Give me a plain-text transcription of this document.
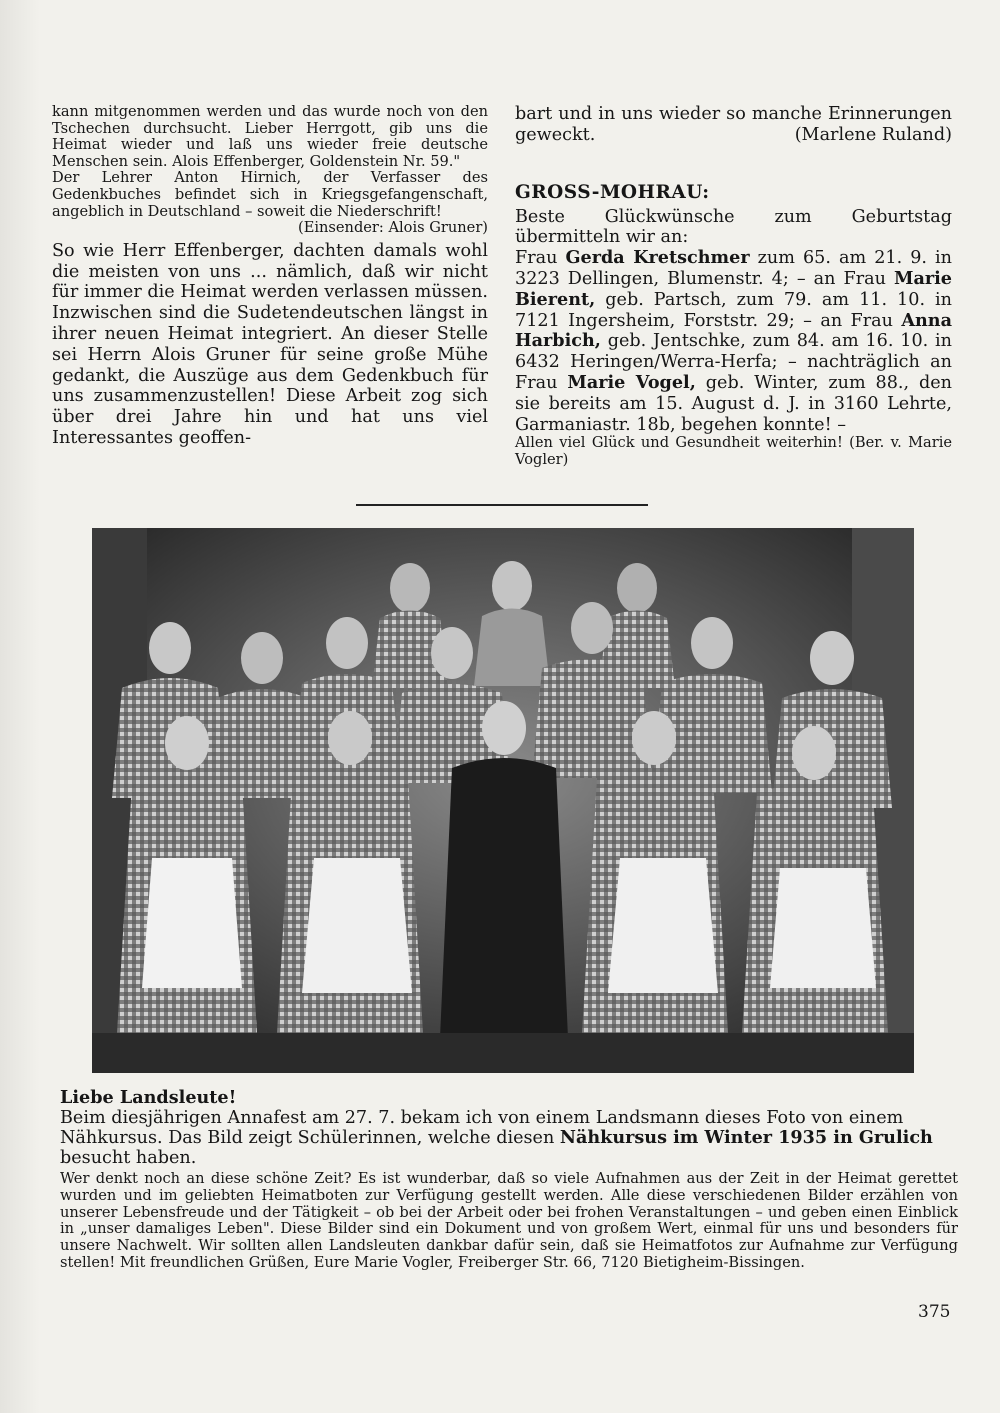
kann mitgenommen werden und das wurde noch von den Tschechen durchsucht. Lieber Herrgott, gib uns die Heimat wieder und laß uns wieder freie deutsche Menschen sein. Alois Effenberger, Goldenstein Nr. 59."

Der Lehrer Anton Hirnich, der Verfasser des Gedenkbuches befindet sich in Kriegsgefangenschaft, angeblich in Deutschland – soweit die Niederschrift!

(Einsender: Alois Gruner)

So wie Herr Effenberger, dachten damals wohl die meisten von uns ... nämlich, daß wir nicht für immer die Heimat werden verlassen müssen. Inzwischen sind die Sudetendeutschen längst in ihrer neuen Heimat integriert. An dieser Stelle sei Herrn Alois Gruner für seine große Mühe gedankt, die Auszüge aus dem Gedenkbuch für uns zusammenzustellen! Diese Arbeit zog sich über drei Jahre hin und hat uns viel Interessantes geoffen-

bart und in uns wieder so manche Erinnerungen geweckt.	(Marlene Ruland)

GROSS-MOHRAU:

Beste Glückwünsche zum Geburtstag übermitteln wir an:

Frau Gerda Kretschmer zum 65. am 21. 9. in 3223 Dellingen, Blumenstr. 4; – an Frau Marie Bierent, geb. Partsch, zum 79. am 11. 10. in 7121 Ingersheim, Forststr. 29; – an Frau Anna Harbich, geb. Jentschke, zum 84. am 16. 10. in 6432 Heringen/Werra-Herfa; – nachträglich an Frau Marie Vogel, geb. Winter, zum 88., den sie bereits am 15. August d. J. in 3160 Lehrte, Garmaniastr. 18b, begehen konnte! –

Allen viel Glück und Gesundheit weiterhin! (Ber. v. Marie Vogler)

Liebe Landsleute!

Beim diesjährigen Annafest am 27. 7. bekam ich von einem Landsmann dieses Foto von einem Nähkursus. Das Bild zeigt Schülerinnen, welche diesen Nähkursus im Winter 1935 in Grulich besucht haben.

Wer denkt noch an diese schöne Zeit? Es ist wunderbar, daß so viele Aufnahmen aus der Zeit in der Heimat gerettet wurden und im geliebten Heimatboten zur Verfügung gestellt werden. Alle diese verschiedenen Bilder erzählen von unserer Lebensfreude und der Tätigkeit – ob bei der Arbeit oder bei frohen Veranstaltungen – und geben einen Einblick in „unser damaliges Leben". Diese Bilder sind ein Dokument und von großem Wert, einmal für uns und besonders für unsere Nachwelt. Wir sollten allen Landsleuten dankbar dafür sein, daß sie Heimatfotos zur Aufnahme zur Verfügung stellen! Mit freundlichen Grüßen, Eure Marie Vogler, Freiberger Str. 66, 7120 Bietigheim-Bissingen.

375
